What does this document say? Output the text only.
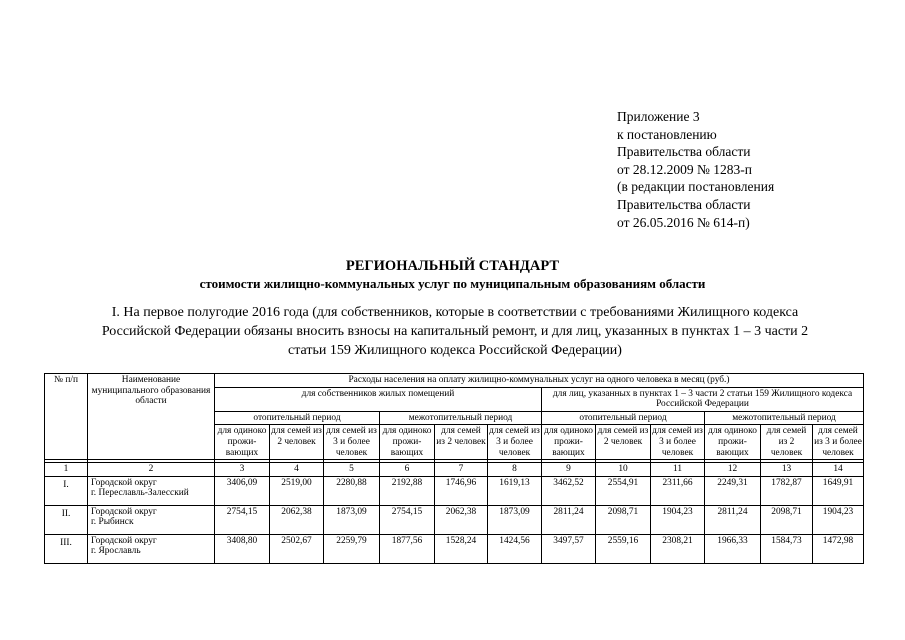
Приложение 3
к постановлению
Правительства области
от 28.12.2009 № 1283-п
(в редакции постановления
Правительства области
от 26.05.2016 № 614-п)
РЕГИОНАЛЬНЫЙ СТАНДАРТ
стоимости жилищно-коммунальных услуг по муниципальным образованиям области
I. На первое полугодие 2016 года (для собственников, которые в соответствии с требованиями Жилищного кодекса
Российской Федерации обязаны вносить взносы на капитальный ремонт, и для лиц, указанных в пунктах 1 – 3 части 2
статьи 159 Жилищного кодекса Российской Федерации)
№ п/п	Наименование муниципального образования области	Расходы населения на оплату жилищно-коммунальных услуг на одного человека в месяц (руб.)											
		для собственников жилых помещений						для лиц, указанных в пунктах 1 – 3 части 2 статьи 159 Жилищного кодекса Российской Федерации					
		отопительный период			межотопительный период			отопительный период			межотопительный период		
		для одиноко прожи-вающих	для семей из 2 человек	для семей из 3 и более человек	для одиноко прожи-вающих	для семей из 2 человек	для семей из 3 и более человек	для одиноко прожи-вающих	для семей из 2 человек	для семей из 3 и более человек	для одиноко прожи-вающих	для семей из 2 человек	для семей из 3 и более человек

1	2	3	4	5	6	7	8	9	10	11	12	13	14
I.	Городской округ
г. Переславль-Залесский	3406,09	2519,00	2280,88	2192,88	1746,96	1619,13	3462,52	2554,91	2311,66	2249,31	1782,87	1649,91
II.	Городской округ
г. Рыбинск	2754,15	2062,38	1873,09	2754,15	2062,38	1873,09	2811,24	2098,71	1904,23	2811,24	2098,71	1904,23
III.	Городской округ
г. Ярославль	3408,80	2502,67	2259,79	1877,56	1528,24	1424,56	3497,57	2559,16	2308,21	1966,33	1584,73	1472,98
